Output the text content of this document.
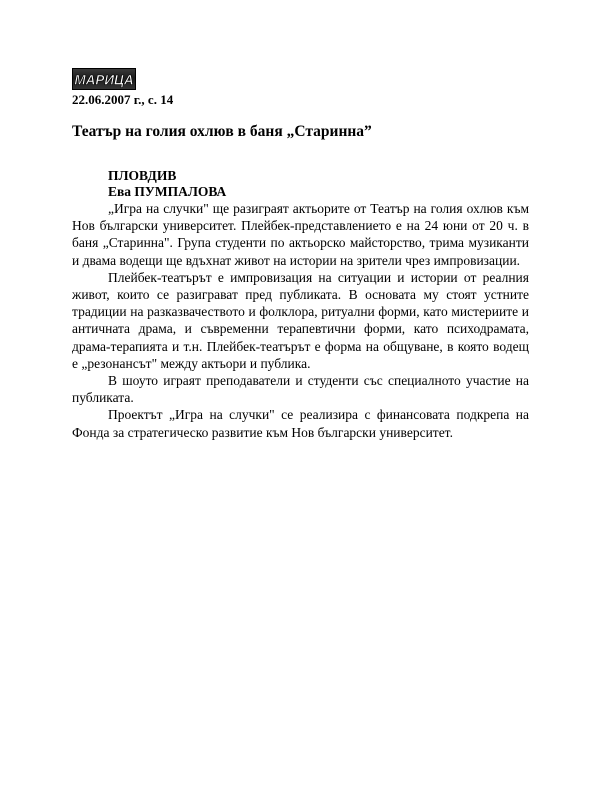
МАРИЦА
22.06.2007 г., с. 14
Театър на голия охлюв в баня „Старинна”
ПЛОВДИВ
Ева ПУМПАЛОВА

„Игра на случки" ще разиграят актьорите от Театър на голия охлюв към Нов български университет. Плейбек-представлението е на 24 юни от 20 ч. в баня „Старинна". Група студенти по актьорско майсторство, трима музиканти и двама водещи ще вдъхнат живот на истории на зрители чрез импровизации.

Плейбек-театърът е импровизация на ситуации и истории от реалния живот, които се разиграват пред публиката. В основата му стоят устните традиции на разказвачеството и фолклора, ритуални форми, като мистериите и античната драма, и съвременни терапевтични форми, като психодрамата, драма-терапията и т.н. Плейбек-театърът е форма на общуване, в която водещ е „резонансът" между актьори и публика.

В шоуто играят преподаватели и студенти със специалното участие на публиката.

Проектът „Игра на случки" се реализира с финансовата подкрепа на Фонда за стратегическо развитие към Нов български университет.
